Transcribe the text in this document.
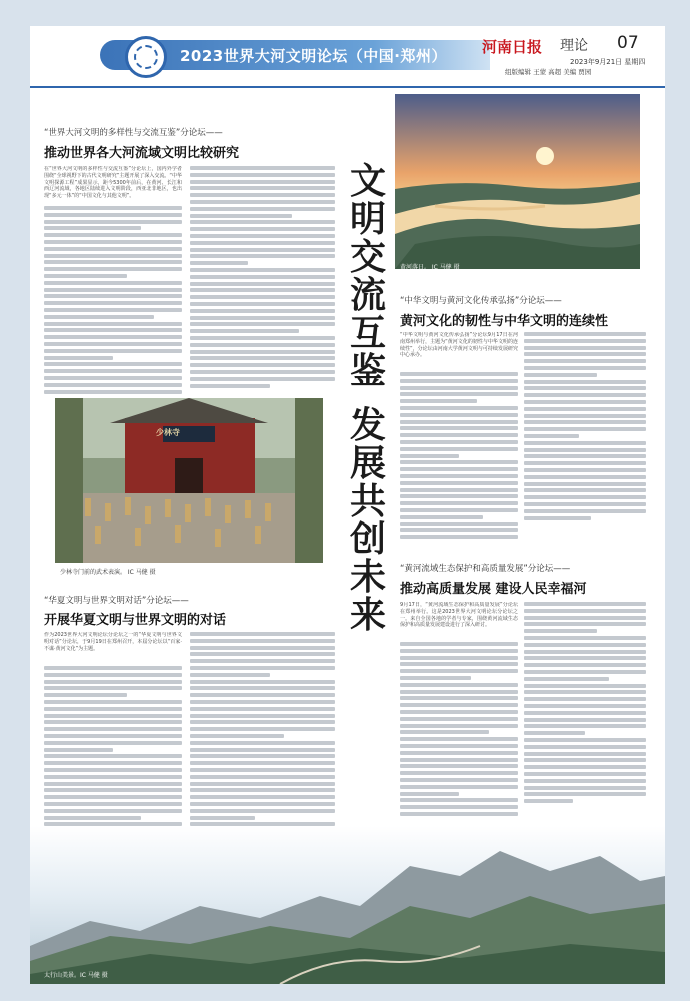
2023世界大河文明论坛（中国·郑州） 河南日报 理论 07
2023年9月21日 星期四
组版编辑 王蒙 高超 美编 贾园
“世界大河文明的多样性与交流互鉴”分论坛——
推动世界各大河流域文明比较研究
在“世界大河文明的多样性与交流互鉴”分论坛上，国内外学者围绕“全球视野下的古代文明研究”主题开展了深入交流。“中华文明探源工程”成果显示，距今5300年前后，在黄河、长江和西辽河流域，各地区陆续进入文明阶段，西亚北非地区，也出现“多元一体”的“中国文化与其他文明”。	文明交流互鉴
发展共创未来
黄河落日。 IC 马健 摄
“中华文明与黄河文化传承弘扬”分论坛——
黄河文化的韧性与中华文明的连续性
“中华文明与黄河文化传承弘扬”分论坛9月17日在河南郑州举行，主题为“黄河文化的韧性与中华文明的连续性”，分论坛由河南大学黄河文明与可持续发展研究中心承办。
少林寺
少林寺门前的武术表演。 IC 马健 摄
“华夏文明与世界文明对话”分论坛——
开展华夏文明与世界文明的对话
作为2023世界大河文明论坛分论坛之一的“华夏文明与世界文明对话”分论坛，于9月19日在郑州召开，本届分论坛以“百家·不谋·黄河文化”为主题。
“黄河流域生态保护和高质量发展”分论坛——
推动高质量发展 建设人民幸福河
9月17日，“黄河流域生态保护和高质量发展”分论坛在郑州举行。这是2023世界大河文明论坛分论坛之一。来自全国各地的学者与专家，围绕黄河流域生态保护和高质量发展建设进行了深入研讨。
太行山美景。IC 马健 摄
